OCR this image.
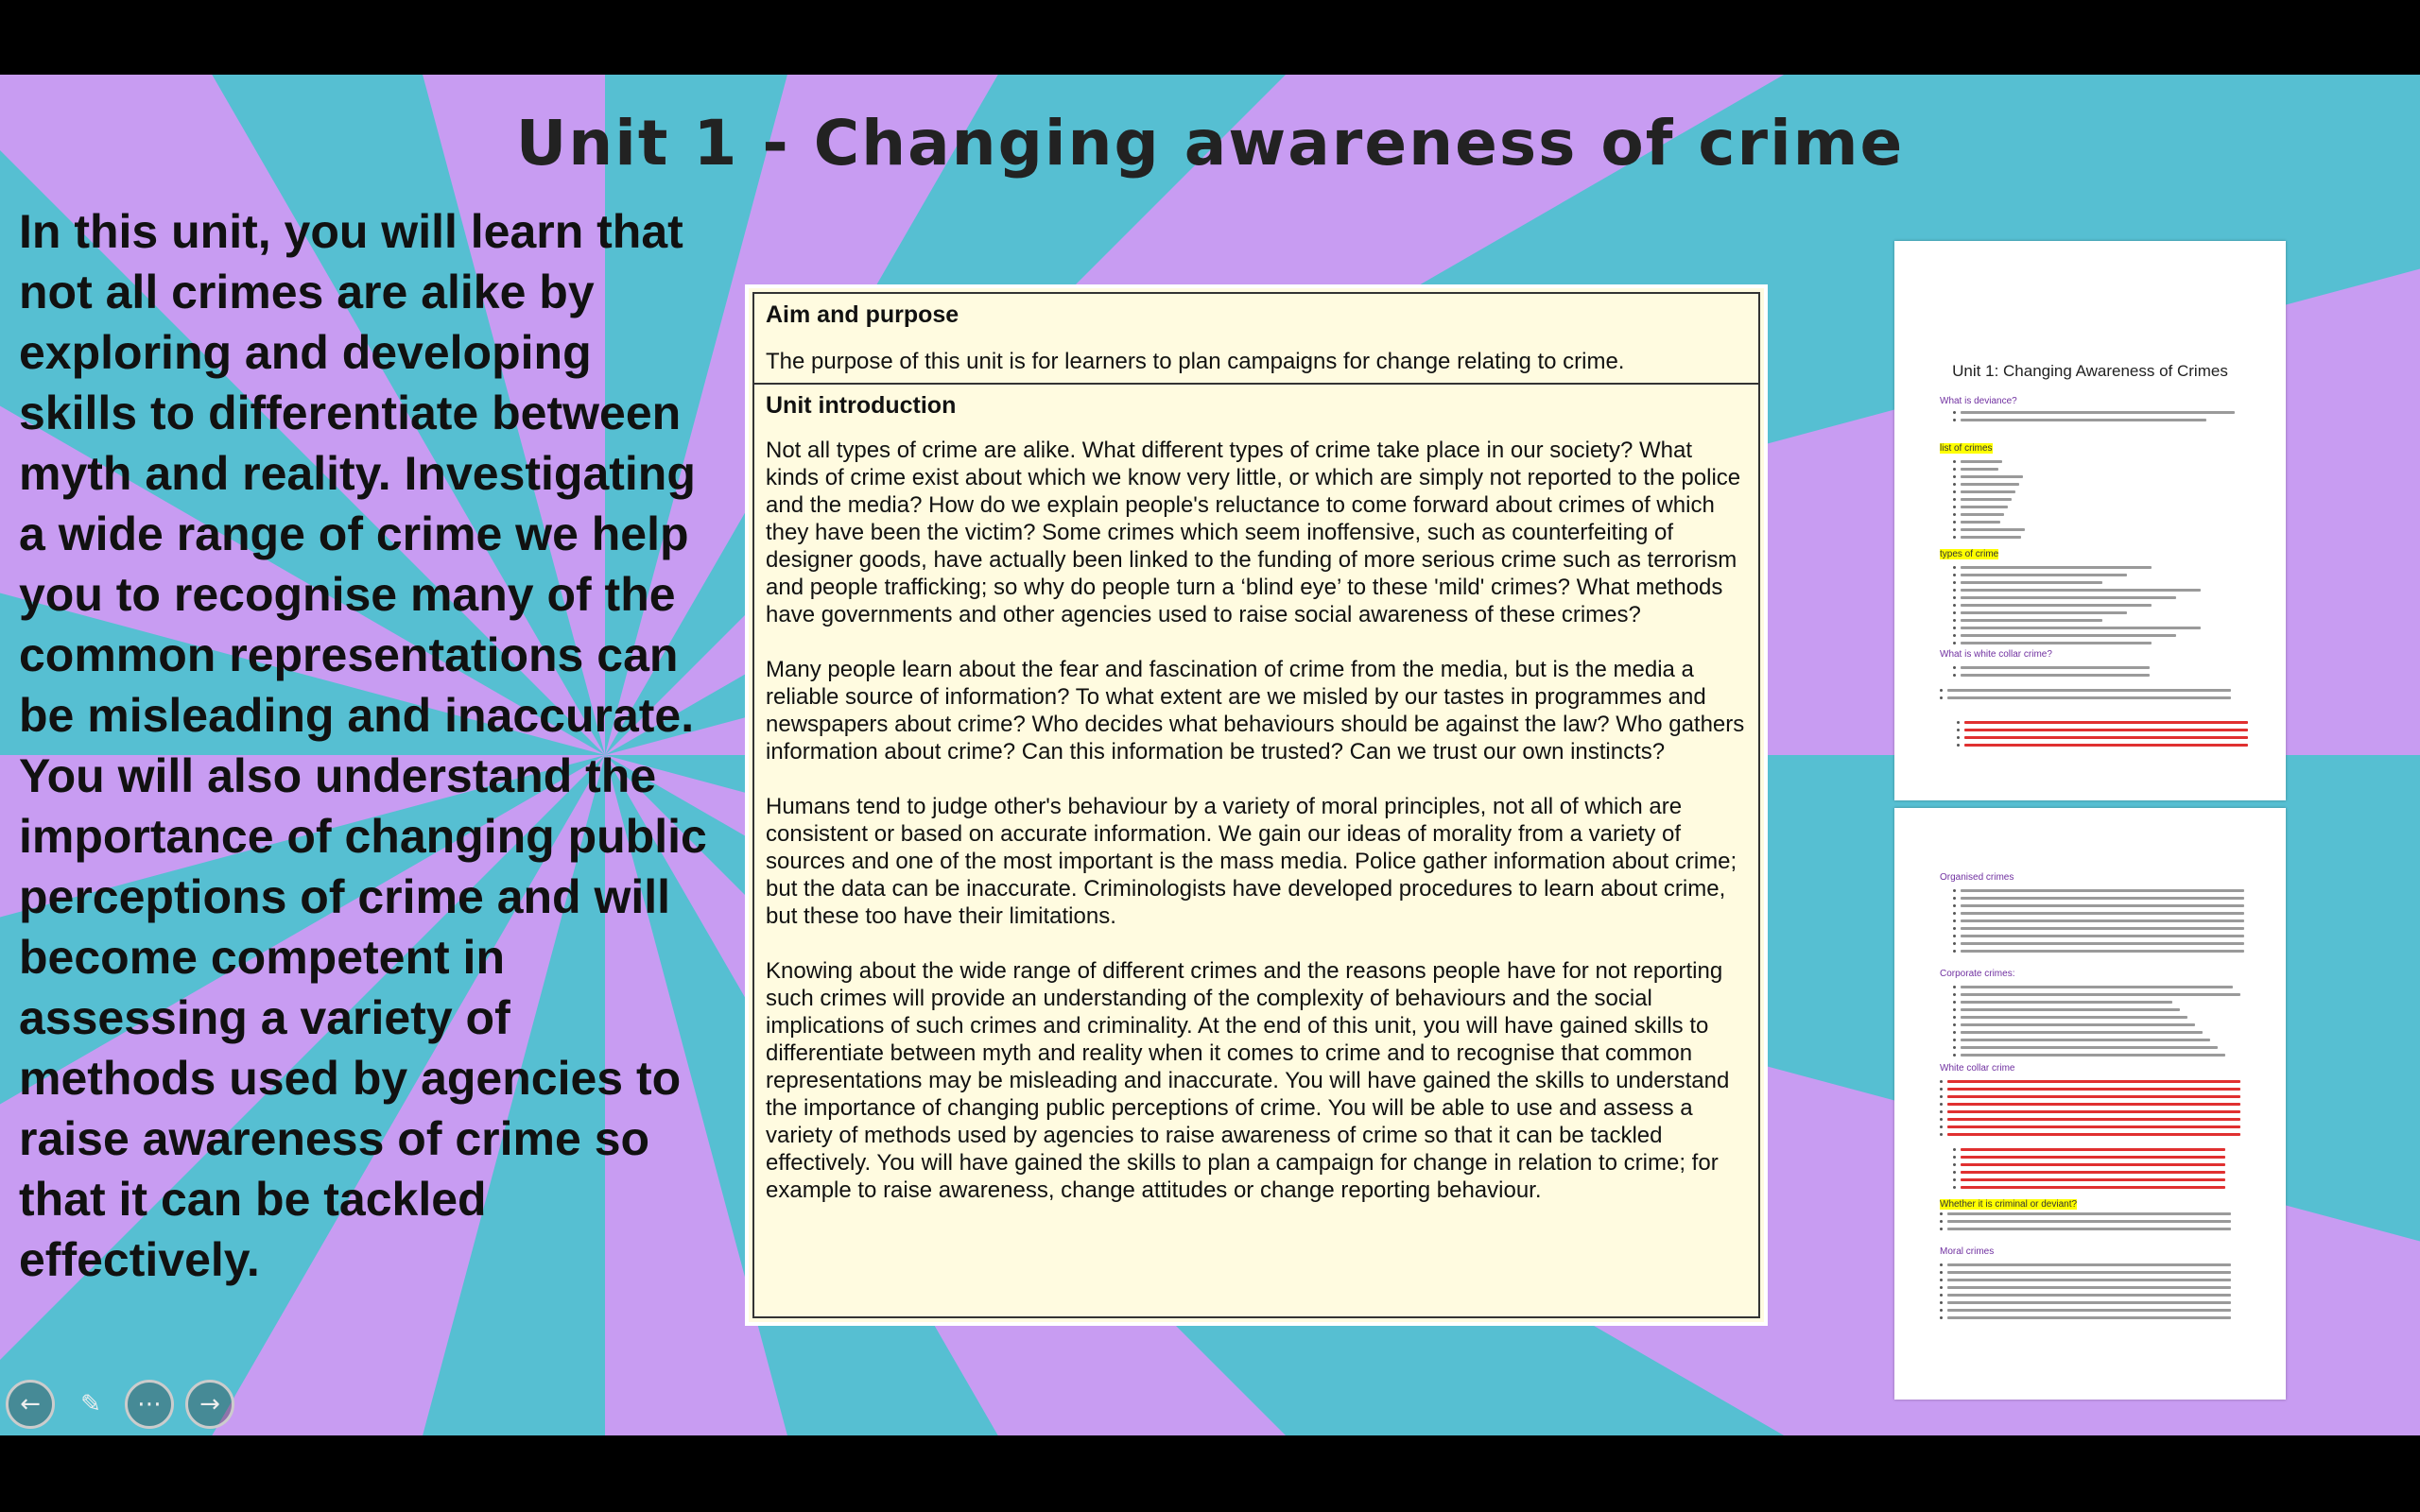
Unit 1 - Changing awareness of crime

In this unit, you will learn that not all crimes are alike by exploring and developing skills to differentiate between myth and reality. Investigating a wide range of crime we help you to recognise many of the common representations can be misleading and inaccurate.

You will also understand the importance of changing public perceptions of crime and will become competent in assessing a variety of methods used by agencies to raise awareness of crime so that it can be tackled effectively.

Aim and purpose

The purpose of this unit is for learners to plan campaigns for change relating to crime.

Unit introduction

Not all types of crime are alike. What different types of crime take place in our society? What kinds of crime exist about which we know very little, or which are simply not reported to the police and the media? How do we explain people's reluctance to come forward about crimes of which they have been the victim? Some crimes which seem inoffensive, such as counterfeiting of designer goods, have actually been linked to the funding of more serious crime such as terrorism and people trafficking; so why do people turn a ‘blind eye’ to these 'mild' crimes? What methods have governments and other agencies used to raise social awareness of these crimes?

Many people learn about the fear and fascination of crime from the media, but is the media a reliable source of information? To what extent are we misled by our tastes in programmes and newspapers about crime? Who decides what behaviours should be against the law? Who gathers information about crime? Can this information be trusted? Can we trust our own instincts?

Humans tend to judge other's behaviour by a variety of moral principles, not all of which are consistent or based on accurate information. We gain our ideas of morality from a variety of sources and one of the most important is the mass media. Police gather information about crime; but the data can be inaccurate. Criminologists have developed procedures to learn about crime, but these too have their limitations.

Knowing about the wide range of different crimes and the reasons people have for not reporting such crimes will provide an understanding of the complexity of behaviours and the social implications of such crimes and criminality. At the end of this unit, you will have gained skills to differentiate between myth and reality when it comes to crime and to recognise that common representations may be misleading and inaccurate. You will have gained the skills to understand the importance of changing public perceptions of crime. You will be able to use and assess a variety of methods used by agencies to raise awareness of crime so that it can be tackled effectively. You will have gained the skills to plan a campaign for change in relation to crime; for example to raise awareness, change attitudes or change reporting behaviour.

Unit 1: Changing Awareness of Crimes
What is deviance?
list of crimes
types of crime
What is white collar crime?
Organised crimes
Corporate crimes:
White collar crime
Whether it is criminal or deviant?
Moral crimes
← ✎ ⋯ →
